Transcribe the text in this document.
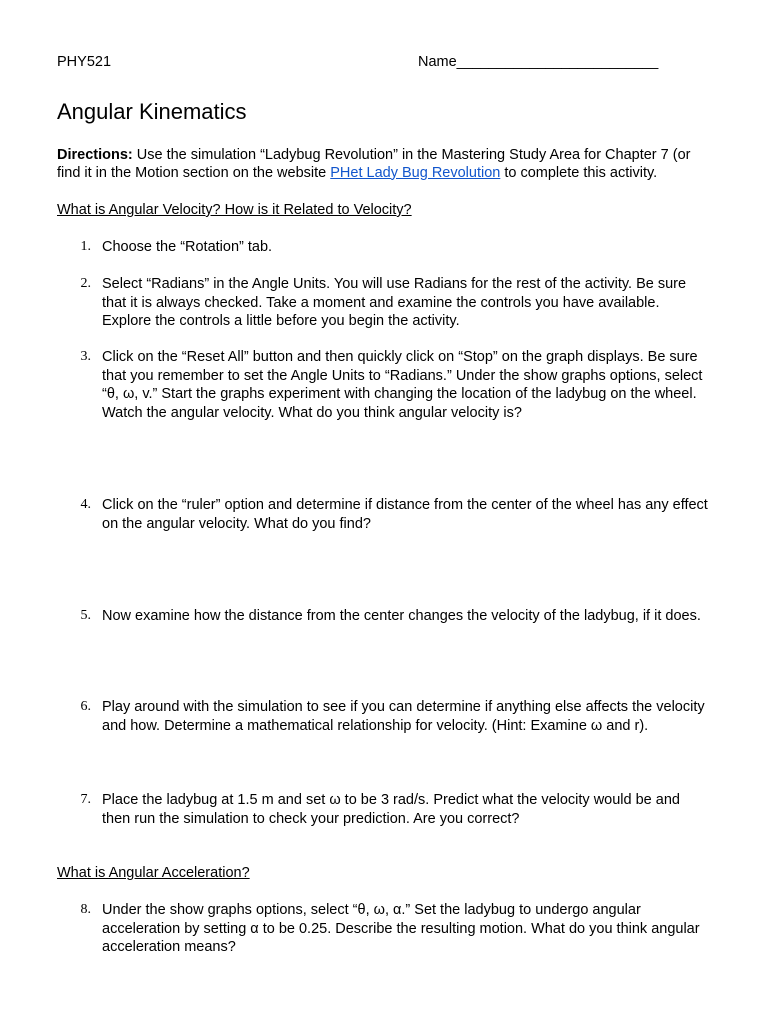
PHY521	Name_________________________
Angular Kinematics
Directions: Use the simulation “Ladybug Revolution” in the Mastering Study Area for Chapter 7 (or find it in the Motion section on the website PHet Lady Bug Revolution to complete this activity.
What is Angular Velocity? How is it Related to Velocity?
1. Choose the “Rotation” tab.
2. Select “Radians” in the Angle Units. You will use Radians for the rest of the activity. Be sure that it is always checked. Take a moment and examine the controls you have available. Explore the controls a little before you begin the activity.
3. Click on the “Reset All” button and then quickly click on “Stop” on the graph displays. Be sure that you remember to set the Angle Units to “Radians.” Under the show graphs options, select “θ, ω, v.” Start the graphs experiment with changing the location of the ladybug on the wheel. Watch the angular velocity. What do you think angular velocity is?
4. Click on the “ruler” option and determine if distance from the center of the wheel has any effect on the angular velocity. What do you find?
5. Now examine how the distance from the center changes the velocity of the ladybug, if it does.
6. Play around with the simulation to see if you can determine if anything else affects the velocity and how. Determine a mathematical relationship for velocity. (Hint: Examine ω and r).
7. Place the ladybug at 1.5 m and set ω to be 3 rad/s. Predict what the velocity would be and then run the simulation to check your prediction. Are you correct?
What is Angular Acceleration?
8. Under the show graphs options, select “θ, ω, α.” Set the ladybug to undergo angular acceleration by setting α to be 0.25. Describe the resulting motion. What do you think angular acceleration means?
